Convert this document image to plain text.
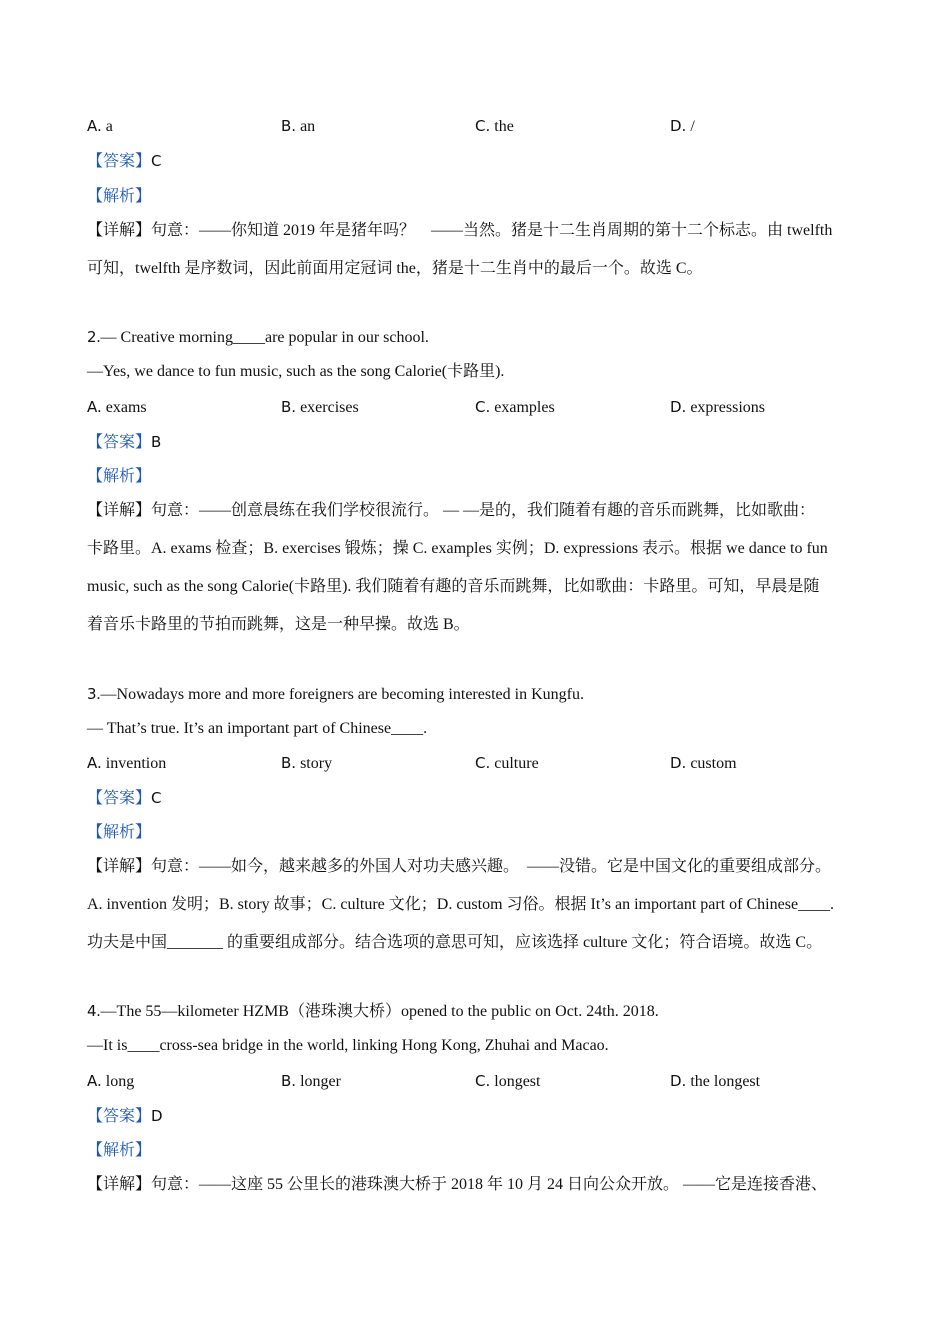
A. a	B. an	C. the	D. /
【答案】C
【解析】
【详解】句意：——你知道 2019 年是猪年吗？　——当然。猪是十二生肖周期的第十二个标志。由 twelfth
可知，twelfth 是序数词，因此前面用定冠词 the，猪是十二生肖中的最后一个。故选 C。
2.— Creative morning____are popular in our school.
—Yes, we dance to fun music, such as the song Calorie(卡路里).
A. exams	B. exercises	C. examples	D. expressions
【答案】B
【解析】
【详解】句意：——创意晨练在我们学校很流行。 — —是的，我们随着有趣的音乐而跳舞，比如歌曲：
卡路里。A. exams 检查；B. exercises 锻炼；操 C. examples 实例；D. expressions 表示。根据 we dance to fun
music, such as the song Calorie(卡路里). 我们随着有趣的音乐而跳舞，比如歌曲：卡路里。可知，早晨是随
着音乐卡路里的节拍而跳舞，这是一种早操。故选 B。
3.—Nowadays more and more foreigners are becoming interested in Kungfu.
— That’s true. It’s an important part of Chinese____.
A. invention	B. story	C. culture	D. custom
【答案】C
【解析】
【详解】句意：——如今，越来越多的外国人对功夫感兴趣。　——没错。它是中国文化的重要组成部分。
A. invention 发明；B. story 故事；C. culture 文化；D. custom 习俗。根据 It’s an important part of Chinese____.
功夫是中国_______ 的重要组成部分。结合选项的意思可知，应该选择 culture 文化；符合语境。故选 C。
4.—The 55—kilometer HZMB（港珠澳大桥）opened to the public on Oct. 24th. 2018.
—It is____cross-sea bridge in the world, linking Hong Kong, Zhuhai and Macao.
A. long	B. longer	C. longest	D. the longest
【答案】D
【解析】
【详解】句意：——这座 55 公里长的港珠澳大桥于 2018 年 10 月 24 日向公众开放。 ——它是连接香港、
